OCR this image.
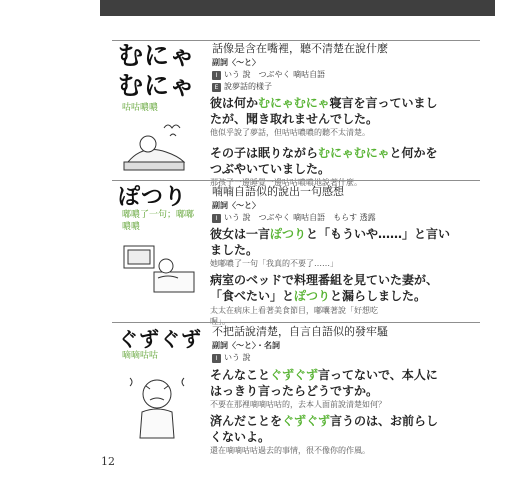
むにゃ
むにゃ
咕咕噥噥
話像是含在嘴裡，聽不清楚在說什麼
副詞〈～と〉
I いう 說　つぶやく 嘀咕自語
E 說夢話的樣子
彼は何かむにゃむにゃ寝言を言っていまし
たが、聞き取れませんでした。
他似乎說了夢話，但咕咕噥噥的聽不太清楚。
その子は眠りながらむにゃむにゃと何かを
つぶやいていました。
那孩子一邊睡覺一邊咕咕噥噥地說著什麼。
ぽつり
嘟噥了一句；嘟嘟噥噥
喃喃自語似的說出一句感想
副詞〈～と〉
I いう 說　つぶやく 嘀咕自語　もらす 透露
彼女は一言ぽつりと「もういや……」と言い
ました。
她嘟噥了一句「我真的不要了……」
病室のベッドで料理番組を見ていた妻が、
「食べたい」とぽつりと漏らしました。
太太在病床上看著美食節目，嘟囔著說「好想吃
喔」。
ぐずぐず
嘀嘀咕咕
不把話說清楚，自言自語似的發牢騷
副詞〈～と〉・名詞
I いう 說
そんなことぐずぐず言ってないで、本人に
はっきり言ったらどうですか。
不要在那裡嘀嘀咕咕的，去本人面前說清楚如何？
済んだことをぐずぐず言うのは、お前らし
くないよ。
還在嘀嘀咕咕過去的事情，很不像你的作風。
12
